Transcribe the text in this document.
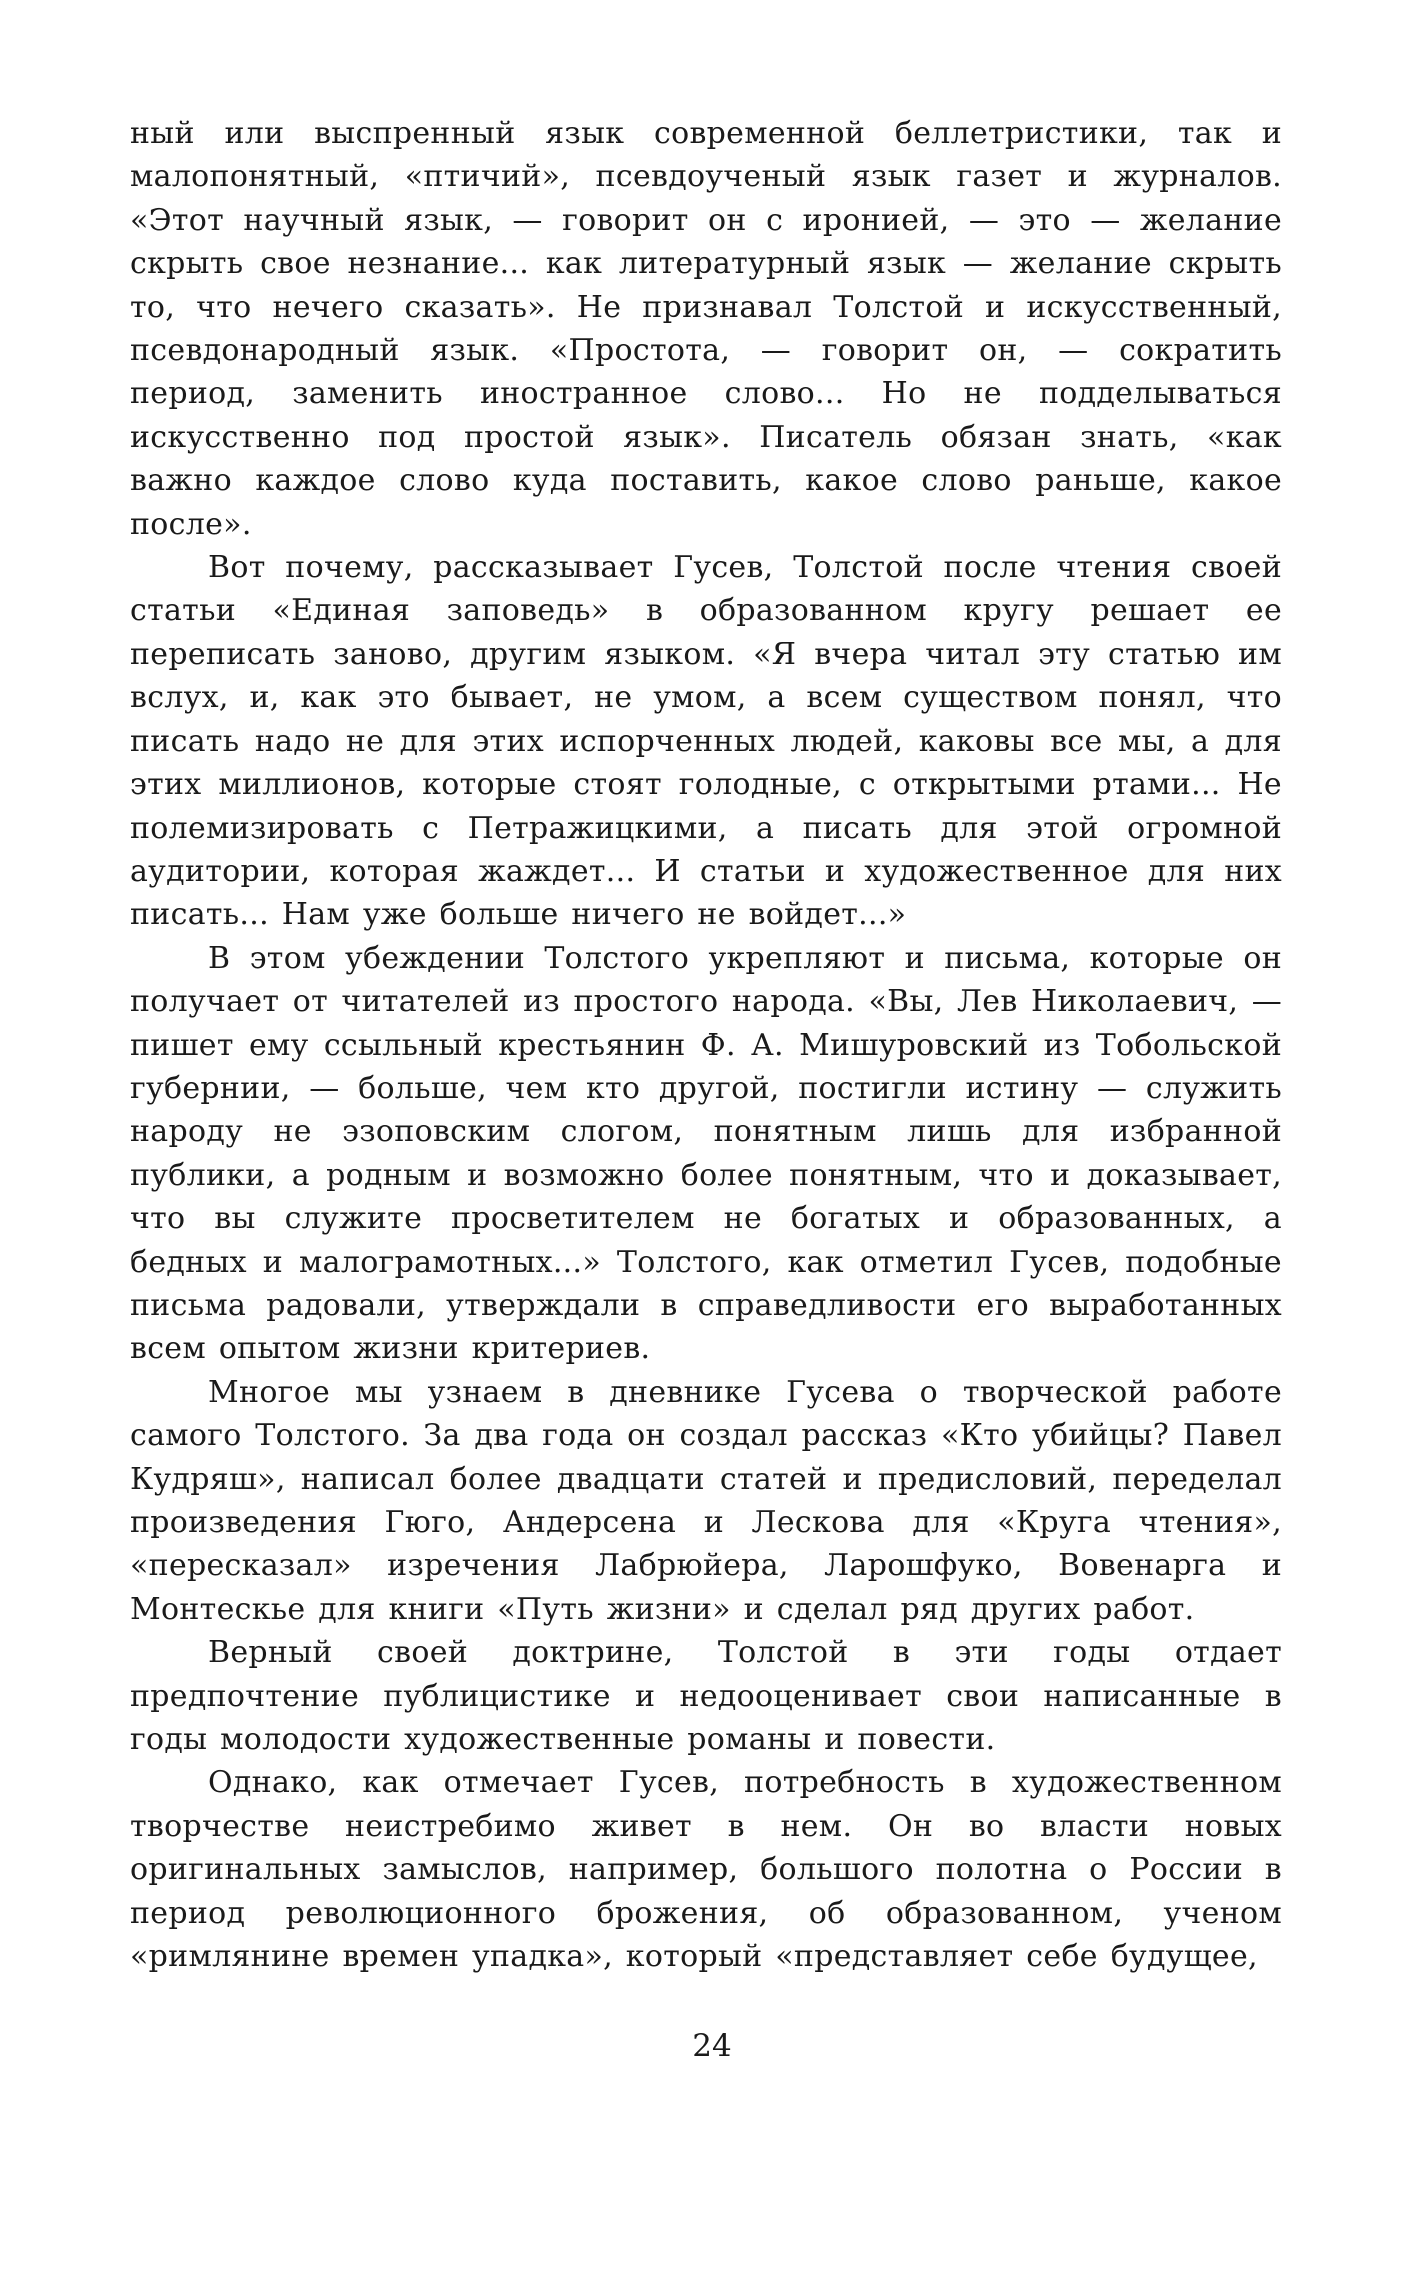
ный или выспренный язык современной беллетристики, так и малопонятный, «птичий», псевдоученый язык газет и журналов. «Этот научный язык, — говорит он с иронией, — это — желание скрыть свое незнание... как литературный язык — желание скрыть то, что нечего сказать». Не признавал Толстой и искусственный, псевдонародный язык. «Простота, — говорит он, — сократить период, заменить иностранное слово... Но не подделываться искусственно под простой язык». Писатель обязан знать, «как важно каждое слово куда поставить, какое слово раньше, какое после».

Вот почему, рассказывает Гусев, Толстой после чтения своей статьи «Единая заповедь» в образованном кругу решает ее переписать заново, другим языком. «Я вчера читал эту статью им вслух, и, как это бывает, не умом, а всем существом понял, что писать надо не для этих испорченных людей, каковы все мы, а для этих миллионов, которые стоят голодные, с открытыми ртами... Не полемизировать с Петражицкими, а писать для этой огромной аудитории, которая жаждет... И статьи и художественное для них писать... Нам уже больше ничего не войдет...»

В этом убеждении Толстого укрепляют и письма, которые он получает от читателей из простого народа. «Вы, Лев Николаевич, — пишет ему ссыльный крестьянин Ф. А. Мишуровский из Тобольской губернии, — больше, чем кто другой, постигли истину — служить народу не эзоповским слогом, понятным лишь для избранной публики, а родным и возможно более понятным, что и доказывает, что вы служите просветителем не богатых и образованных, а бедных и малограмотных...» Толстого, как отметил Гусев, подобные письма радовали, утверждали в справедливости его выработанных всем опытом жизни критериев.

Многое мы узнаем в дневнике Гусева о творческой работе самого Толстого. За два года он создал рассказ «Кто убийцы? Павел Кудряш», написал более двадцати статей и предисловий, переделал произведения Гюго, Андерсена и Лескова для «Круга чтения», «пересказал» изречения Лабрюйера, Ларошфуко, Вовенарга и Монтескье для книги «Путь жизни» и сделал ряд других работ.

Верный своей доктрине, Толстой в эти годы отдает предпочтение публицистике и недооценивает свои написанные в годы молодости художественные романы и повести.

Однако, как отмечает Гусев, потребность в художественном творчестве неистребимо живет в нем. Он во власти новых оригинальных замыслов, например, большого полотна о России в период революционного брожения, об образованном, ученом «римлянине времен упадка», который «представляет себе будущее,

24
